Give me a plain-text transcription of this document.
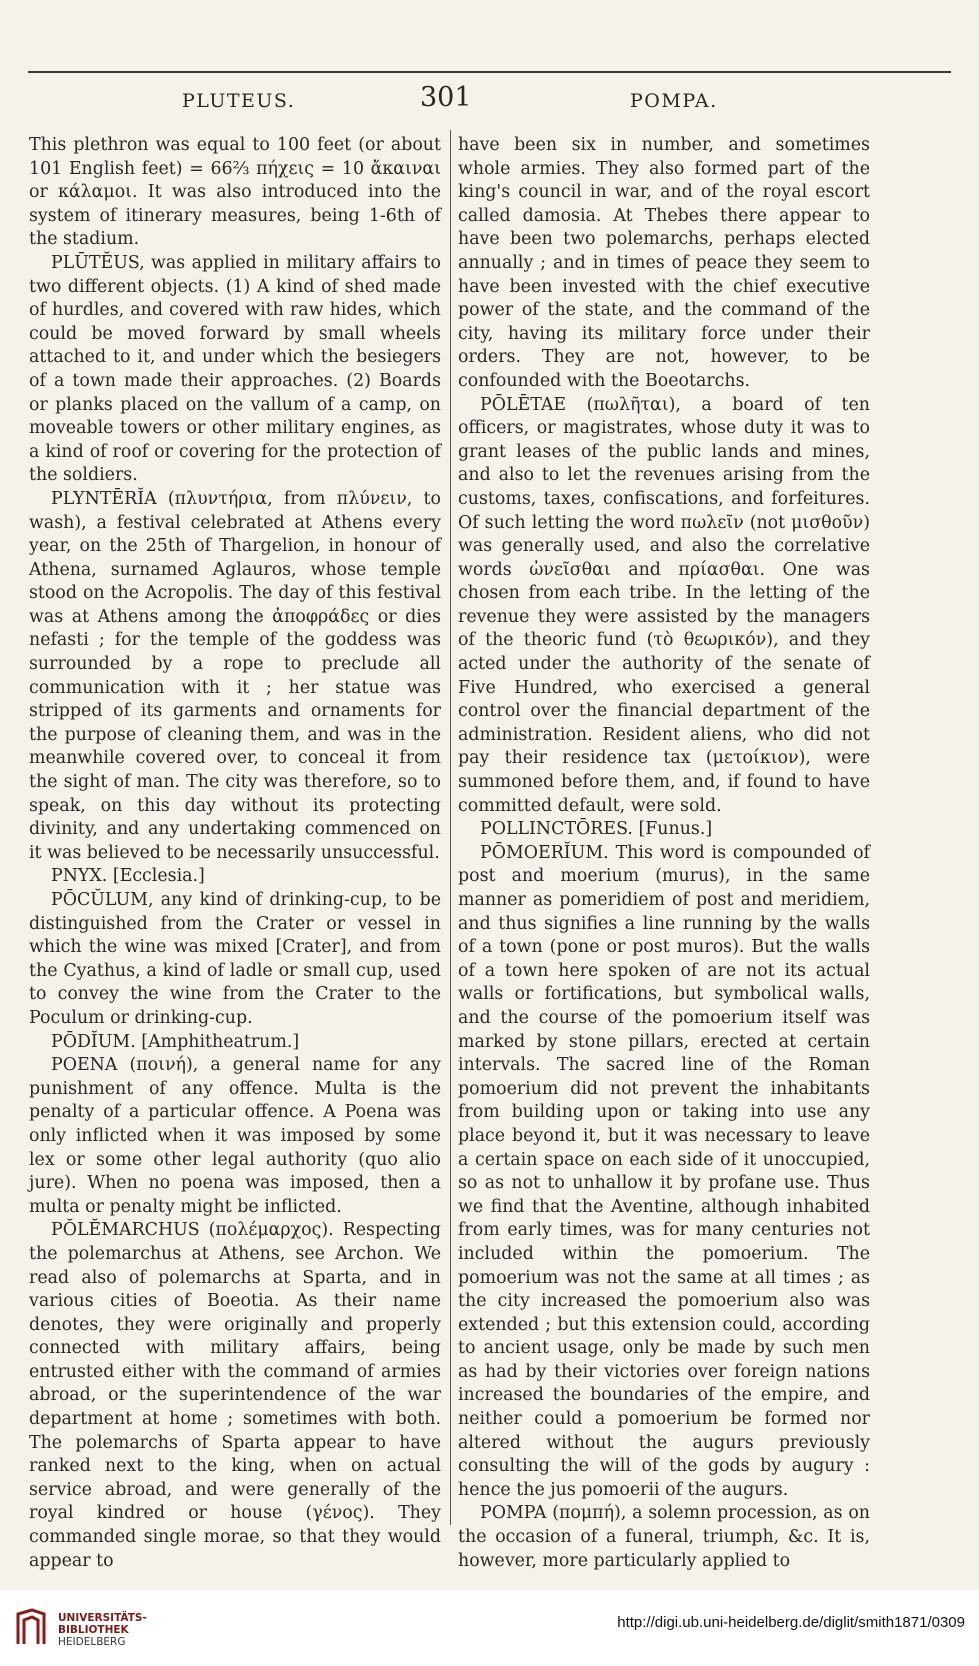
PLUTEUS.	301	POMPA.

This plethron was equal to 100 feet (or about 101 English feet) = 66⅔ πήχεις = 10 ἄκαιναι or κάλαμοι. It was also introduced into the system of itinerary measures, being 1-6th of the stadium.

PLŪTĔUS, was applied in military affairs to two different objects. (1) A kind of shed made of hurdles, and covered with raw hides, which could be moved forward by small wheels attached to it, and under which the besiegers of a town made their approaches. (2) Boards or planks placed on the vallum of a camp, on moveable towers or other military engines, as a kind of roof or covering for the protection of the soldiers.

PLYNTĒRĬA (πλυντήρια, from πλύνειν, to wash), a festival celebrated at Athens every year, on the 25th of Thargelion, in honour of Athena, surnamed Aglauros, whose temple stood on the Acropolis. The day of this festival was at Athens among the ἀποφράδες or dies nefasti ; for the temple of the goddess was surrounded by a rope to preclude all communication with it ; her statue was stripped of its garments and ornaments for the purpose of cleaning them, and was in the meanwhile covered over, to conceal it from the sight of man. The city was therefore, so to speak, on this day without its protecting divinity, and any undertaking commenced on it was believed to be necessarily unsuccessful.

PNYX. [Ecclesia.]

PŌCŬLUM, any kind of drinking-cup, to be distinguished from the Crater or vessel in which the wine was mixed [Crater], and from the Cyathus, a kind of ladle or small cup, used to convey the wine from the Crater to the Poculum or drinking-cup.

PŌDĬUM. [Amphitheatrum.]

POENA (ποινή), a general name for any punishment of any offence. Multa is the penalty of a particular offence. A Poena was only inflicted when it was imposed by some lex or some other legal authority (quo alio jure). When no poena was imposed, then a multa or penalty might be inflicted.

PŎLĔMARCHUS (πολέμαρχος). Respecting the polemarchus at Athens, see Archon. We read also of polemarchs at Sparta, and in various cities of Boeotia. As their name denotes, they were originally and properly connected with military affairs, being entrusted either with the command of armies abroad, or the superintendence of the war department at home ; sometimes with both. The polemarchs of Sparta appear to have ranked next to the king, when on actual service abroad, and were generally of the royal kindred or house (γένος). They commanded single morae, so that they would appear to

have been six in number, and sometimes whole armies. They also formed part of the king's council in war, and of the royal escort called damosia. At Thebes there appear to have been two polemarchs, perhaps elected annually ; and in times of peace they seem to have been invested with the chief executive power of the state, and the command of the city, having its military force under their orders. They are not, however, to be confounded with the Boeotarchs.

PŌLĒTAE (πωλῆται), a board of ten officers, or magistrates, whose duty it was to grant leases of the public lands and mines, and also to let the revenues arising from the customs, taxes, confiscations, and forfeitures. Of such letting the word πωλεῖν (not μισθοῦν) was generally used, and also the correlative words ὠνεῖσθαι and πρίασθαι. One was chosen from each tribe. In the letting of the revenue they were assisted by the managers of the theoric fund (τὸ θεωρικόν), and they acted under the authority of the senate of Five Hundred, who exercised a general control over the financial department of the administration. Resident aliens, who did not pay their residence tax (μετοίκιον), were summoned before them, and, if found to have committed default, were sold.

POLLINCTŌRES. [Funus.]

PŌMOERĬUM. This word is compounded of post and moerium (murus), in the same manner as pomeridiem of post and meridiem, and thus signifies a line running by the walls of a town (pone or post muros). But the walls of a town here spoken of are not its actual walls or fortifications, but symbolical walls, and the course of the pomoerium itself was marked by stone pillars, erected at certain intervals. The sacred line of the Roman pomoerium did not prevent the inhabitants from building upon or taking into use any place beyond it, but it was necessary to leave a certain space on each side of it unoccupied, so as not to unhallow it by profane use. Thus we find that the Aventine, although inhabited from early times, was for many centuries not included within the pomoerium. The pomoerium was not the same at all times ; as the city increased the pomoerium also was extended ; but this extension could, according to ancient usage, only be made by such men as had by their victories over foreign nations increased the boundaries of the empire, and neither could a pomoerium be formed nor altered without the augurs previously consulting the will of the gods by augury : hence the jus pomoerii of the augurs.

POMPA (πομπή), a solemn procession, as on the occasion of a funeral, triumph, &c. It is, however, more particularly applied to

UNIVERSITÄTS-
BIBLIOTHEK
HEIDELBERG
http://digi.ub.uni-heidelberg.de/diglit/smith1871/0309
